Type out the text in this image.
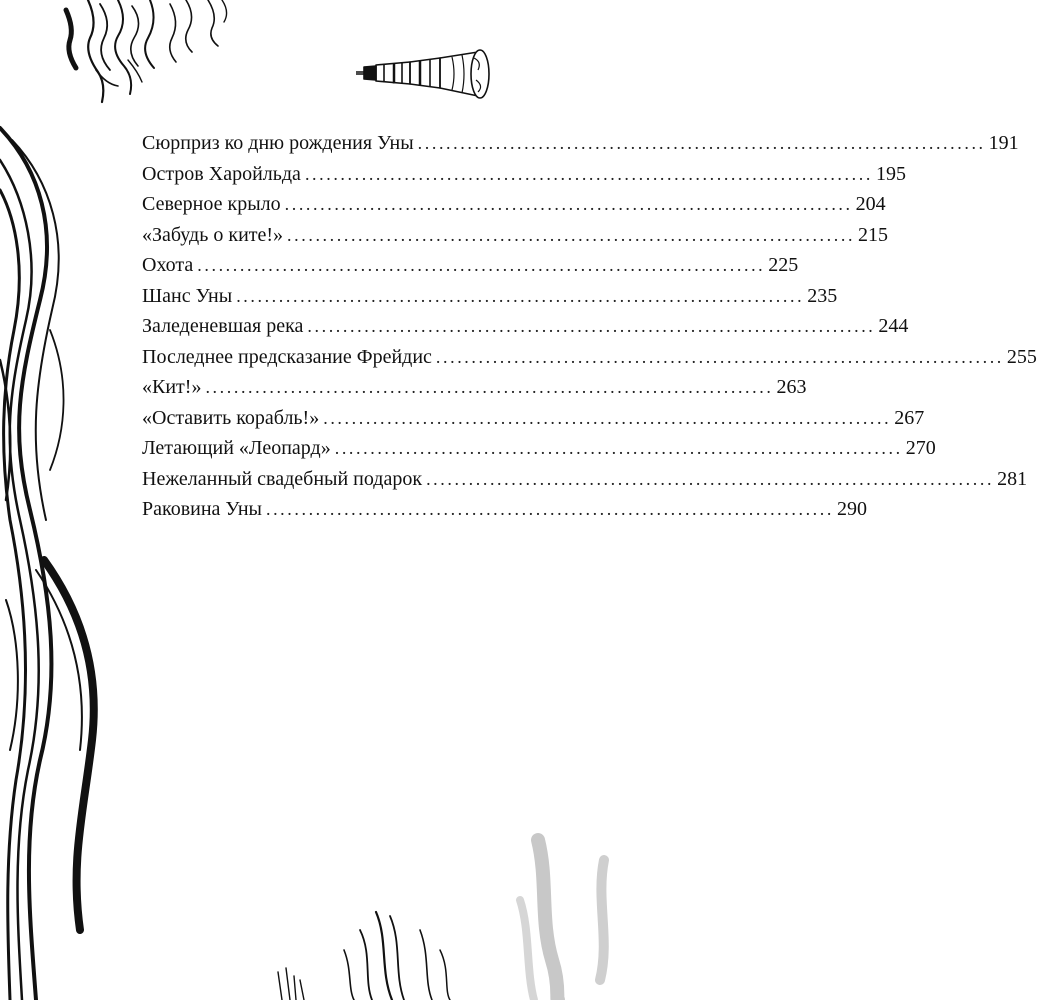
Сюрприз ко дню рождения Уны ................................................................................ 191
Остров Харойльда ................................................................................ 195
Северное крыло ................................................................................ 204
«Забудь о ките!» ................................................................................ 215
Охота ................................................................................ 225
Шанс Уны ................................................................................ 235
Заледеневшая река ................................................................................ 244
Последнее предсказание Фрейдис ................................................................................ 255
«Кит!» ................................................................................ 263
«Оставить корабль!» ................................................................................ 267
Летающий «Леопард» ................................................................................ 270
Нежеланный свадебный подарок ................................................................................ 281
Раковина Уны ................................................................................ 290
